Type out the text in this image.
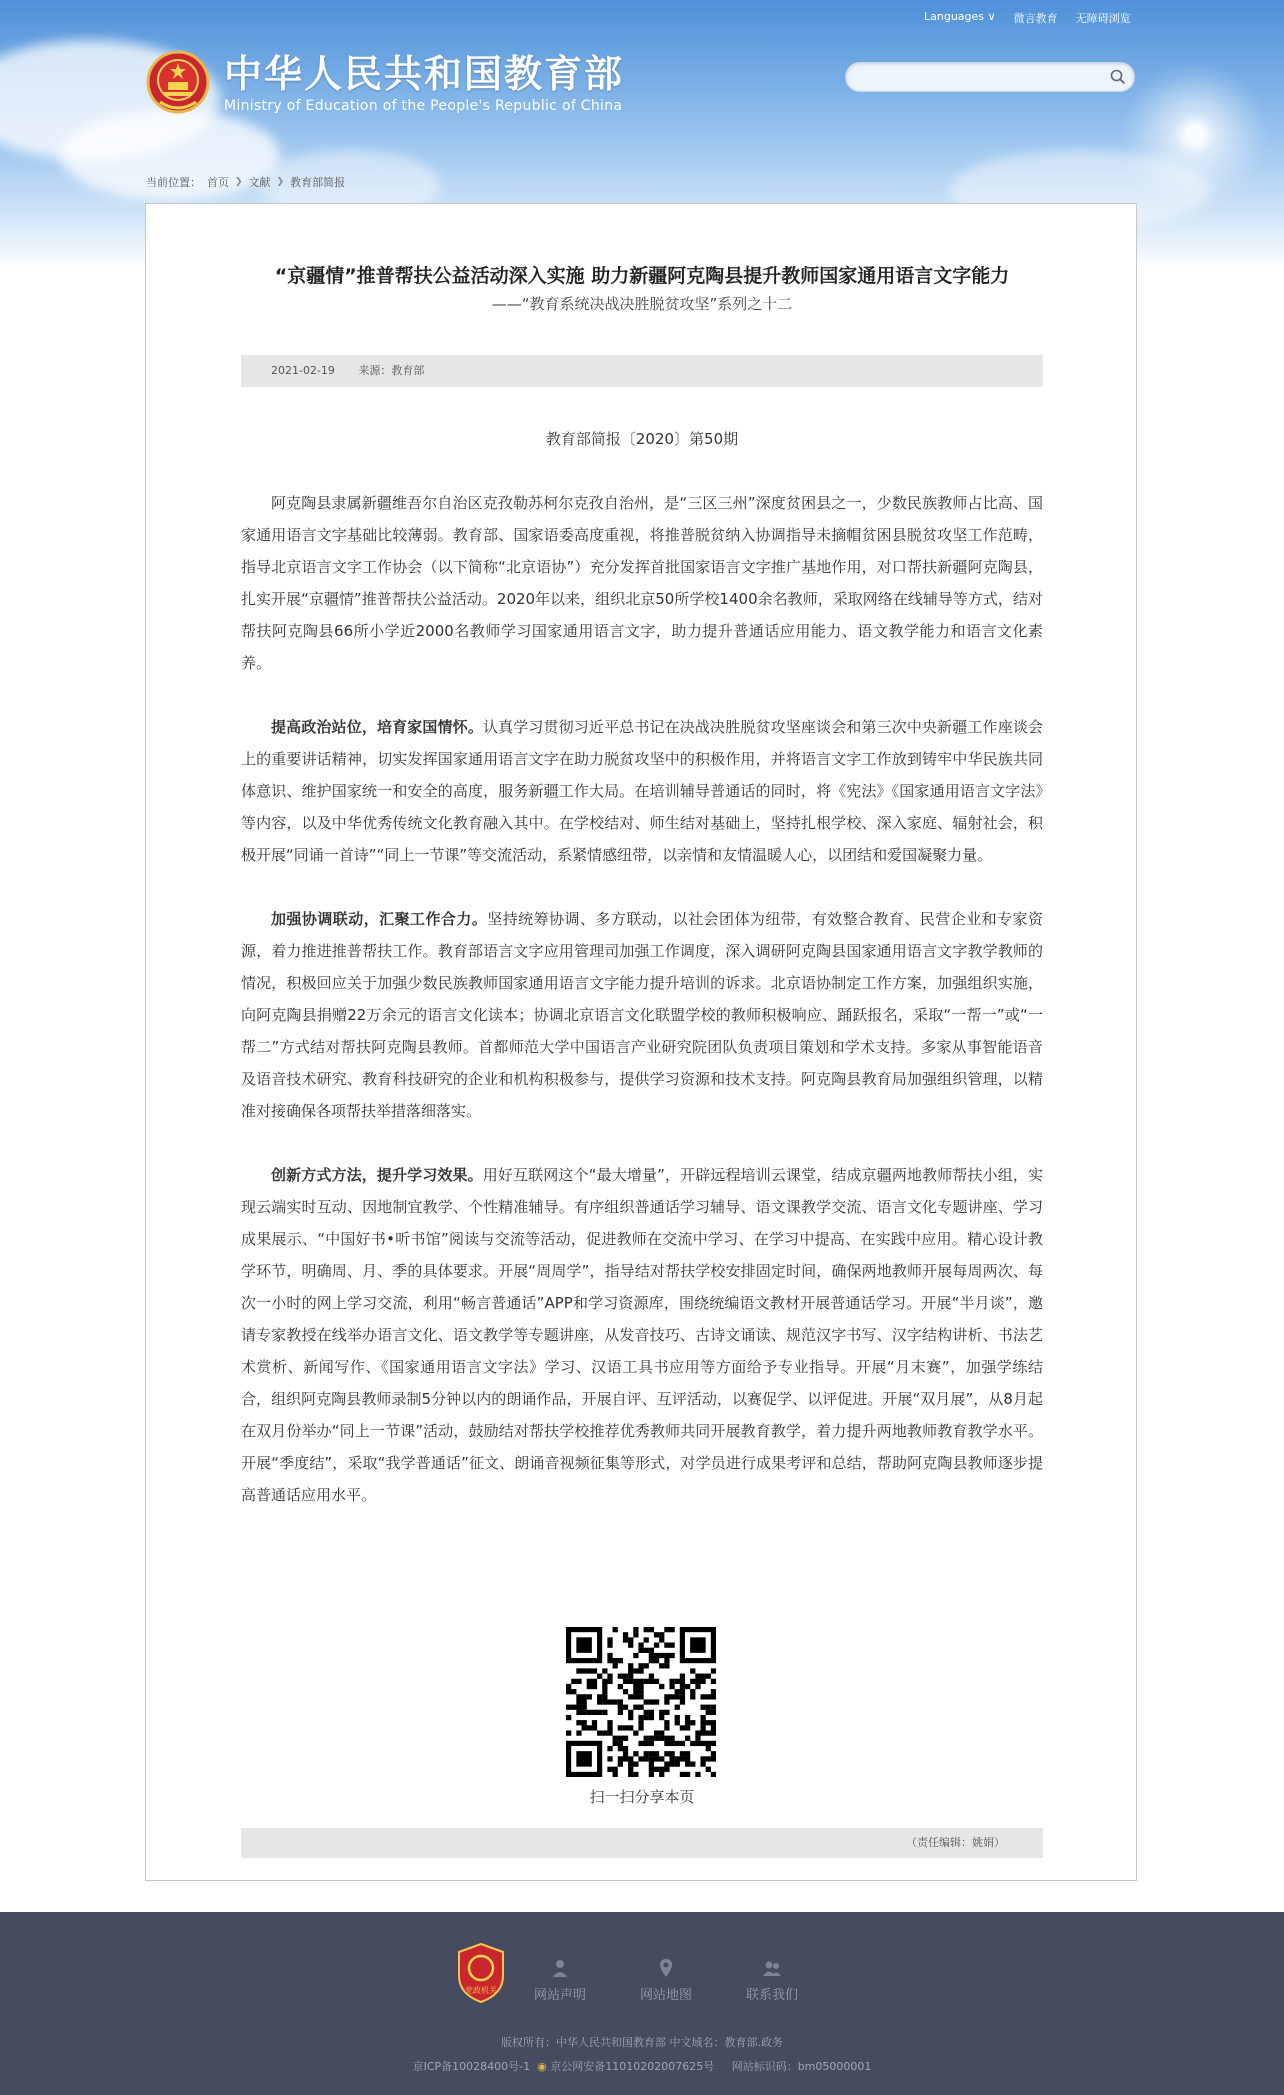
Languages ∨ 微言教育 无障碍浏览
中华人民共和国教育部
Ministry of Education of the People's Republic of China
当前位置： 首页 ❯ 文献 ❯ 教育部简报
“京疆情”推普帮扶公益活动深入实施 助力新疆阿克陶县提升教师国家通用语言文字能力
——“教育系统决战决胜脱贫攻坚”系列之十二
2021-02-19 来源：教育部
教育部简报〔2020〕第50期

阿克陶县隶属新疆维吾尔自治区克孜勒苏柯尔克孜自治州，是“三区三州”深度贫困县之一，少数民族教师占比高、国家通用语言文字基础比较薄弱。教育部、国家语委高度重视，将推普脱贫纳入协调指导未摘帽贫困县脱贫攻坚工作范畴，指导北京语言文字工作协会（以下简称“北京语协”）充分发挥首批国家语言文字推广基地作用，对口帮扶新疆阿克陶县，扎实开展“京疆情”推普帮扶公益活动。2020年以来，组织北京50所学校1400余名教师，采取网络在线辅导等方式，结对帮扶阿克陶县66所小学近2000名教师学习国家通用语言文字，助力提升普通话应用能力、语文教学能力和语言文化素养。

提高政治站位，培育家国情怀。认真学习贯彻习近平总书记在决战决胜脱贫攻坚座谈会和第三次中央新疆工作座谈会上的重要讲话精神，切实发挥国家通用语言文字在助力脱贫攻坚中的积极作用，并将语言文字工作放到铸牢中华民族共同体意识、维护国家统一和安全的高度，服务新疆工作大局。在培训辅导普通话的同时，将《宪法》《国家通用语言文字法》等内容，以及中华优秀传统文化教育融入其中。在学校结对、师生结对基础上，坚持扎根学校、深入家庭、辐射社会，积极开展“同诵一首诗”“同上一节课”等交流活动，系紧情感纽带，以亲情和友情温暖人心，以团结和爱国凝聚力量。

加强协调联动，汇聚工作合力。坚持统筹协调、多方联动，以社会团体为纽带，有效整合教育、民营企业和专家资源，着力推进推普帮扶工作。教育部语言文字应用管理司加强工作调度，深入调研阿克陶县国家通用语言文字教学教师的情况，积极回应关于加强少数民族教师国家通用语言文字能力提升培训的诉求。北京语协制定工作方案，加强组织实施，向阿克陶县捐赠22万余元的语言文化读本；协调北京语言文化联盟学校的教师积极响应、踊跃报名，采取“一帮一”或“一帮二”方式结对帮扶阿克陶县教师。首都师范大学中国语言产业研究院团队负责项目策划和学术支持。多家从事智能语音及语音技术研究、教育科技研究的企业和机构积极参与，提供学习资源和技术支持。阿克陶县教育局加强组织管理，以精准对接确保各项帮扶举措落细落实。

创新方式方法，提升学习效果。用好互联网这个“最大增量”，开辟远程培训云课堂，结成京疆两地教师帮扶小组，实现云端实时互动、因地制宜教学、个性精准辅导。有序组织普通话学习辅导、语文课教学交流、语言文化专题讲座、学习成果展示、“中国好书•听书馆”阅读与交流等活动，促进教师在交流中学习、在学习中提高、在实践中应用。精心设计教学环节，明确周、月、季的具体要求。开展“周周学”，指导结对帮扶学校安排固定时间，确保两地教师开展每周两次、每次一小时的网上学习交流，利用“畅言普通话”APP和学习资源库，围绕统编语文教材开展普通话学习。开展“半月谈”，邀请专家教授在线举办语言文化、语文教学等专题讲座，从发音技巧、古诗文诵读、规范汉字书写、汉字结构讲析、书法艺术赏析、新闻写作、《国家通用语言文字法》学习、汉语工具书应用等方面给予专业指导。开展“月末赛”，加强学练结合，组织阿克陶县教师录制5分钟以内的朗诵作品，开展自评、互评活动，以赛促学、以评促进。开展“双月展”，从8月起在双月份举办“同上一节课”活动，鼓励结对帮扶学校推荐优秀教师共同开展教育教学，着力提升两地教师教育教学水平。开展“季度结”，采取“我学普通话”征文、朗诵音视频征集等形式，对学员进行成果考评和总结，帮助阿克陶县教师逐步提高普通话应用水平。

扫一扫分享本页
（责任编辑：姚娟）
党政机关	网站声明	网站地图	联系我们
版权所有：中华人民共和国教育部 中文域名：教育部.政务
京ICP备10028400号-1 ◉ 京公网安备11010202007625号 网站标识码：bm05000001
